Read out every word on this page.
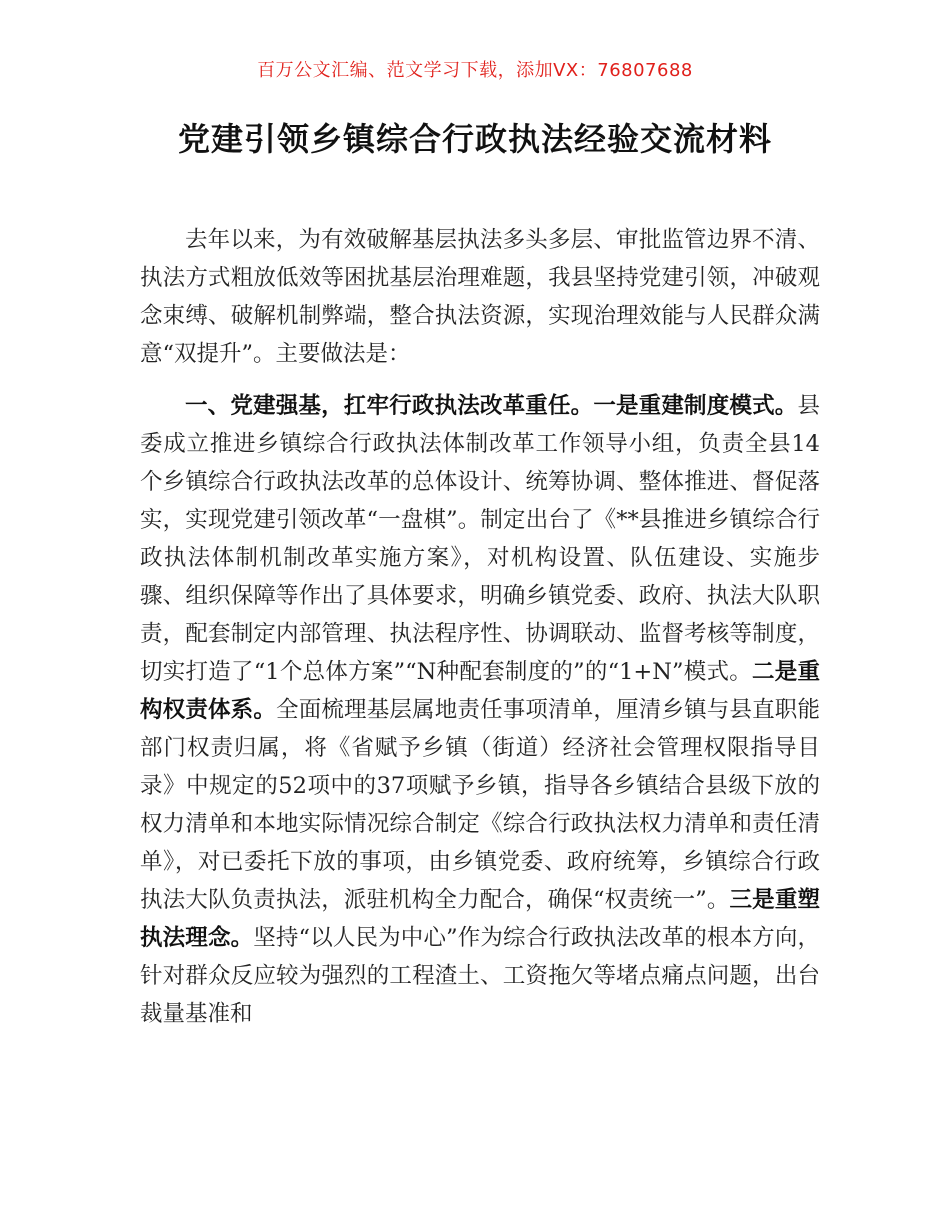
百万公文汇编、范文学习下载，添加VX：76807688
党建引领乡镇综合行政执法经验交流材料

去年以来，为有效破解基层执法多头多层、审批监管边界不清、执法方式粗放低效等困扰基层治理难题，我县坚持党建引领，冲破观念束缚、破解机制弊端，整合执法资源，实现治理效能与人民群众满意“双提升”。主要做法是：

一、党建强基，扛牢行政执法改革重任。一是重建制度模式。县委成立推进乡镇综合行政执法体制改革工作领导小组，负责全县14个乡镇综合行政执法改革的总体设计、统筹协调、整体推进、督促落实，实现党建引领改革“一盘棋”。制定出台了《**县推进乡镇综合行政执法体制机制改革实施方案》，对机构设置、队伍建设、实施步骤、组织保障等作出了具体要求，明确乡镇党委、政府、执法大队职责，配套制定内部管理、执法程序性、协调联动、监督考核等制度，切实打造了“1个总体方案”“N种配套制度的”的“1+N”模式。二是重构权责体系。全面梳理基层属地责任事项清单，厘清乡镇与县直职能部门权责归属，将《省赋予乡镇（街道）经济社会管理权限指导目录》中规定的52项中的37项赋予乡镇，指导各乡镇结合县级下放的权力清单和本地实际情况综合制定《综合行政执法权力清单和责任清单》，对已委托下放的事项，由乡镇党委、政府统筹，乡镇综合行政执法大队负责执法，派驻机构全力配合，确保“权责统一”。三是重塑执法理念。坚持“以人民为中心”作为综合行政执法改革的根本方向，针对群众反应较为强烈的工程渣土、工资拖欠等堵点痛点问题，出台裁量基准和
